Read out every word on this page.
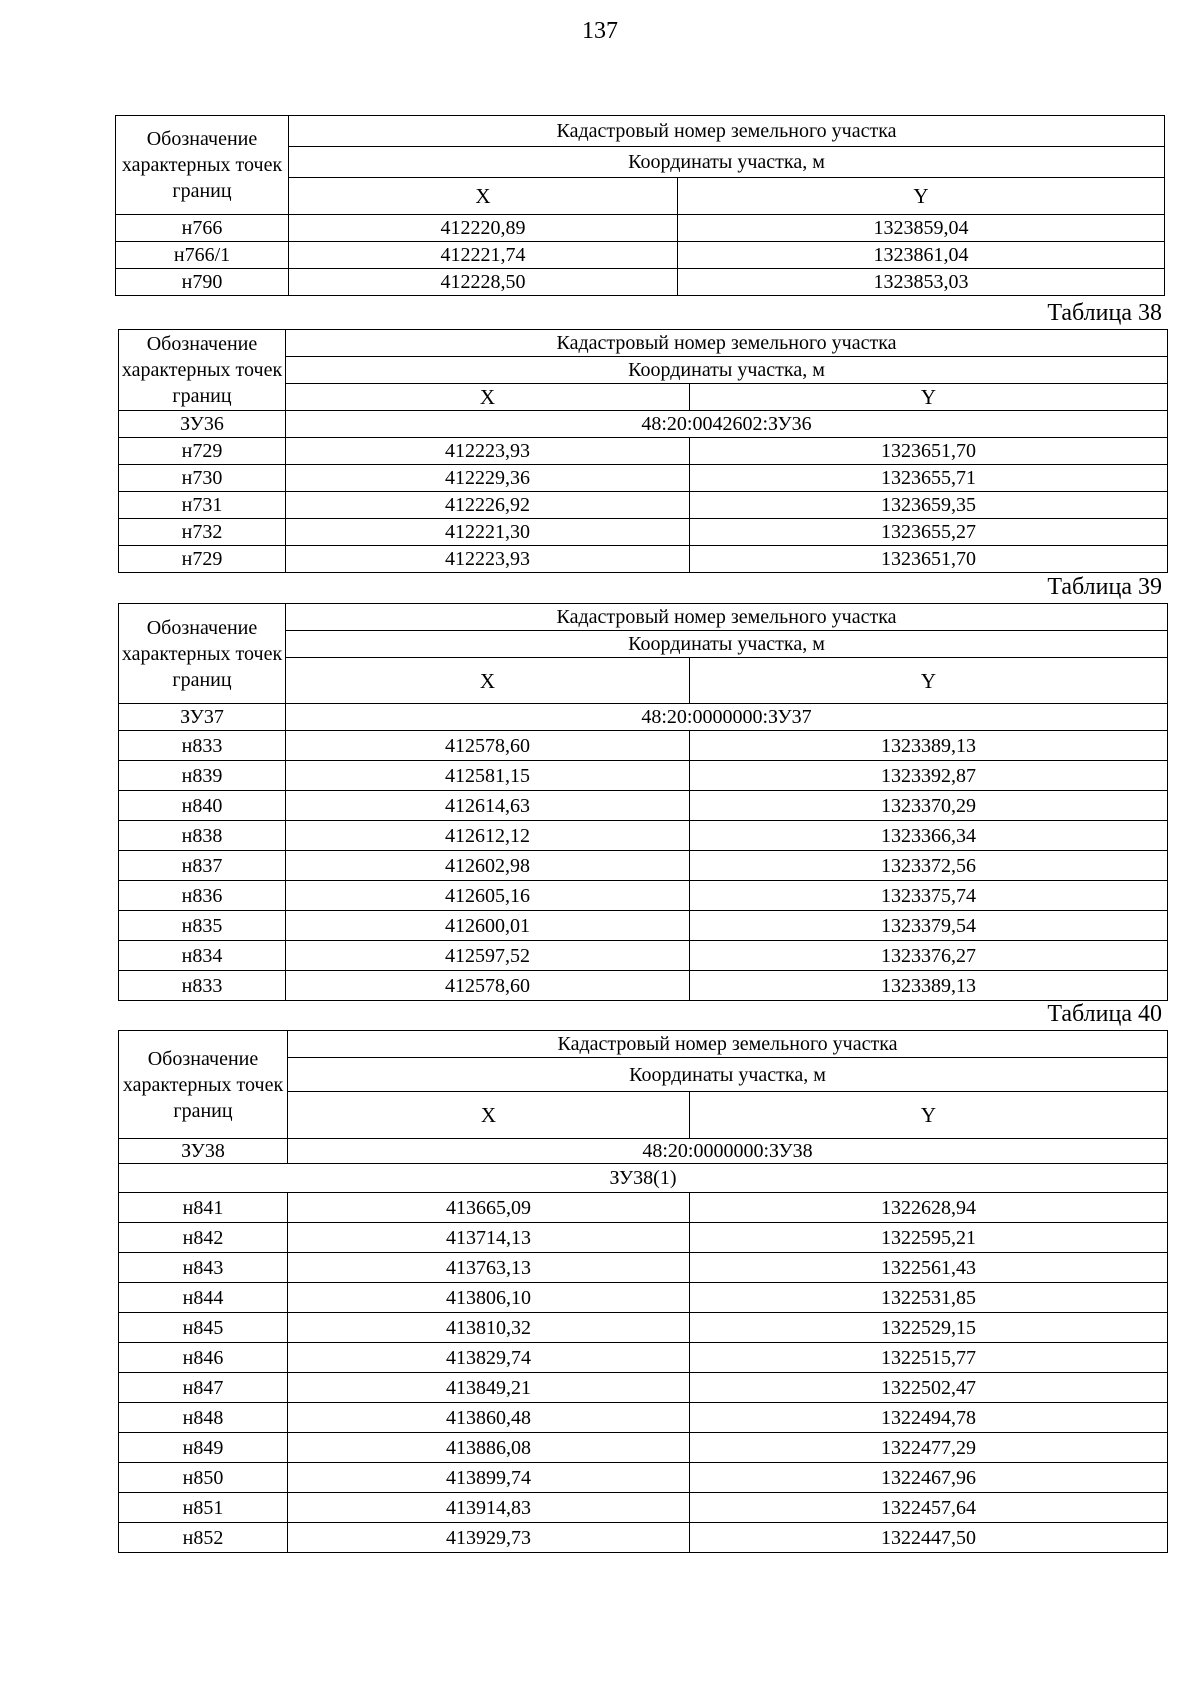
137
Обозначение характерных точек границ	Кадастровый номер земельного участка	
	Координаты участка, м	
	X	Y
н766	412220,89	1323859,04
н766/1	412221,74	1323861,04
н790	412228,50	1323853,03
Таблица 38
Обозначение характерных точек границ	Кадастровый номер земельного участка	
	Координаты участка, м	
	X	Y
ЗУ36	48:20:0042602:ЗУ36	
н729	412223,93	1323651,70
н730	412229,36	1323655,71
н731	412226,92	1323659,35
н732	412221,30	1323655,27
н729	412223,93	1323651,70
Таблица 39
Обозначение характерных точек границ	Кадастровый номер земельного участка	
	Координаты участка, м	
	X	Y
ЗУ37	48:20:0000000:ЗУ37	
н833	412578,60	1323389,13
н839	412581,15	1323392,87
н840	412614,63	1323370,29
н838	412612,12	1323366,34
н837	412602,98	1323372,56
н836	412605,16	1323375,74
н835	412600,01	1323379,54
н834	412597,52	1323376,27
н833	412578,60	1323389,13
Таблица 40
Обозначение характерных точек границ	Кадастровый номер земельного участка	
	Координаты участка, м	
	X	Y
ЗУ38	48:20:0000000:ЗУ38	
ЗУ38(1)		
н841	413665,09	1322628,94
н842	413714,13	1322595,21
н843	413763,13	1322561,43
н844	413806,10	1322531,85
н845	413810,32	1322529,15
н846	413829,74	1322515,77
н847	413849,21	1322502,47
н848	413860,48	1322494,78
н849	413886,08	1322477,29
н850	413899,74	1322467,96
н851	413914,83	1322457,64
н852	413929,73	1322447,50
